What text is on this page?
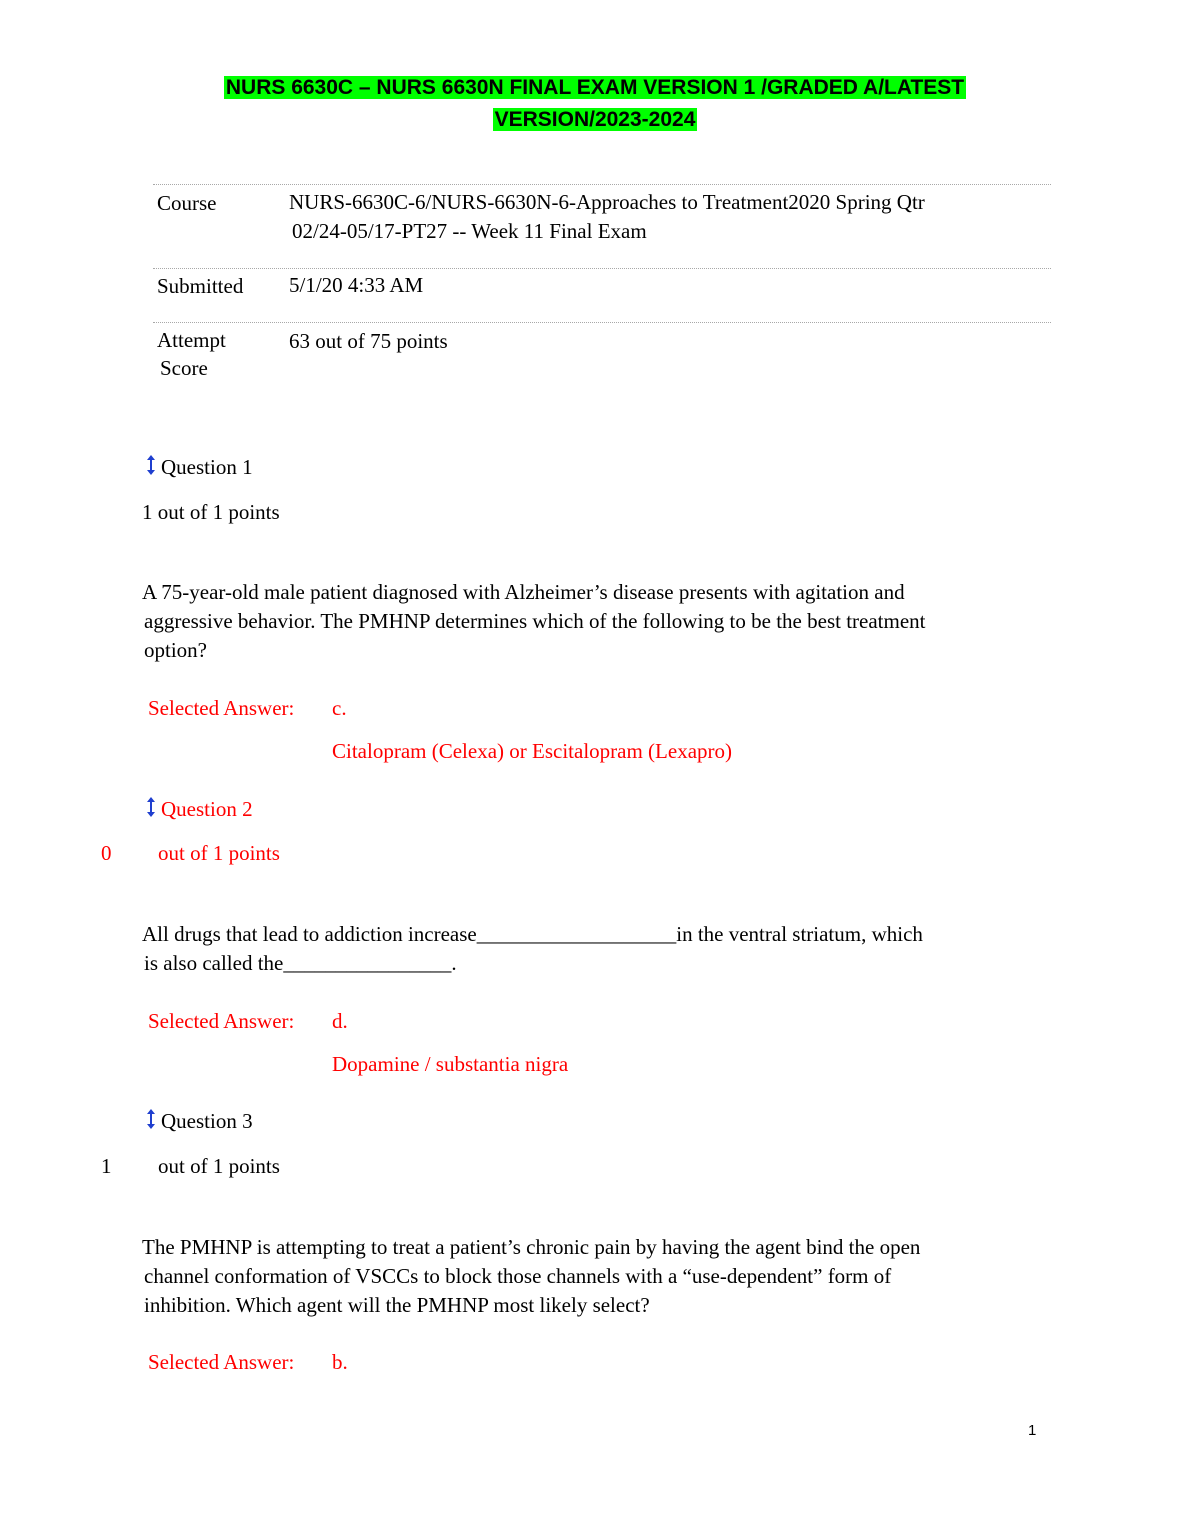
NURS 6630C – NURS 6630N FINAL EXAM VERSION 1 /GRADED A/LATEST
VERSION/2023-2024
Course	NURS-6630C-6/NURS-6630N-6-Approaches to Treatment2020 Spring Qtr
02/24-05/17-PT27 -- Week 11 Final Exam
Submitted	5/1/20 4:33 AM
Attempt
Score
63 out of 75 points
Question 1
1 out of 1 points
A 75-year-old male patient diagnosed with Alzheimer’s disease presents with agitation and
aggressive behavior. The PMHNP determines which of the following to be the best treatment
option?
Selected Answer: c.
Citalopram (Celexa) or Escitalopram (Lexapro)
Question 2
0 out of 1 points
All drugs that lead to addiction increase___________________in the ventral striatum, which
is also called the________________.
Selected Answer: d.
Dopamine / substantia nigra
Question 3
1 out of 1 points
The PMHNP is attempting to treat a patient’s chronic pain by having the agent bind the open
channel conformation of VSCCs to block those channels with a “use-dependent” form of
inhibition. Which agent will the PMHNP most likely select?
Selected Answer: b.
1
